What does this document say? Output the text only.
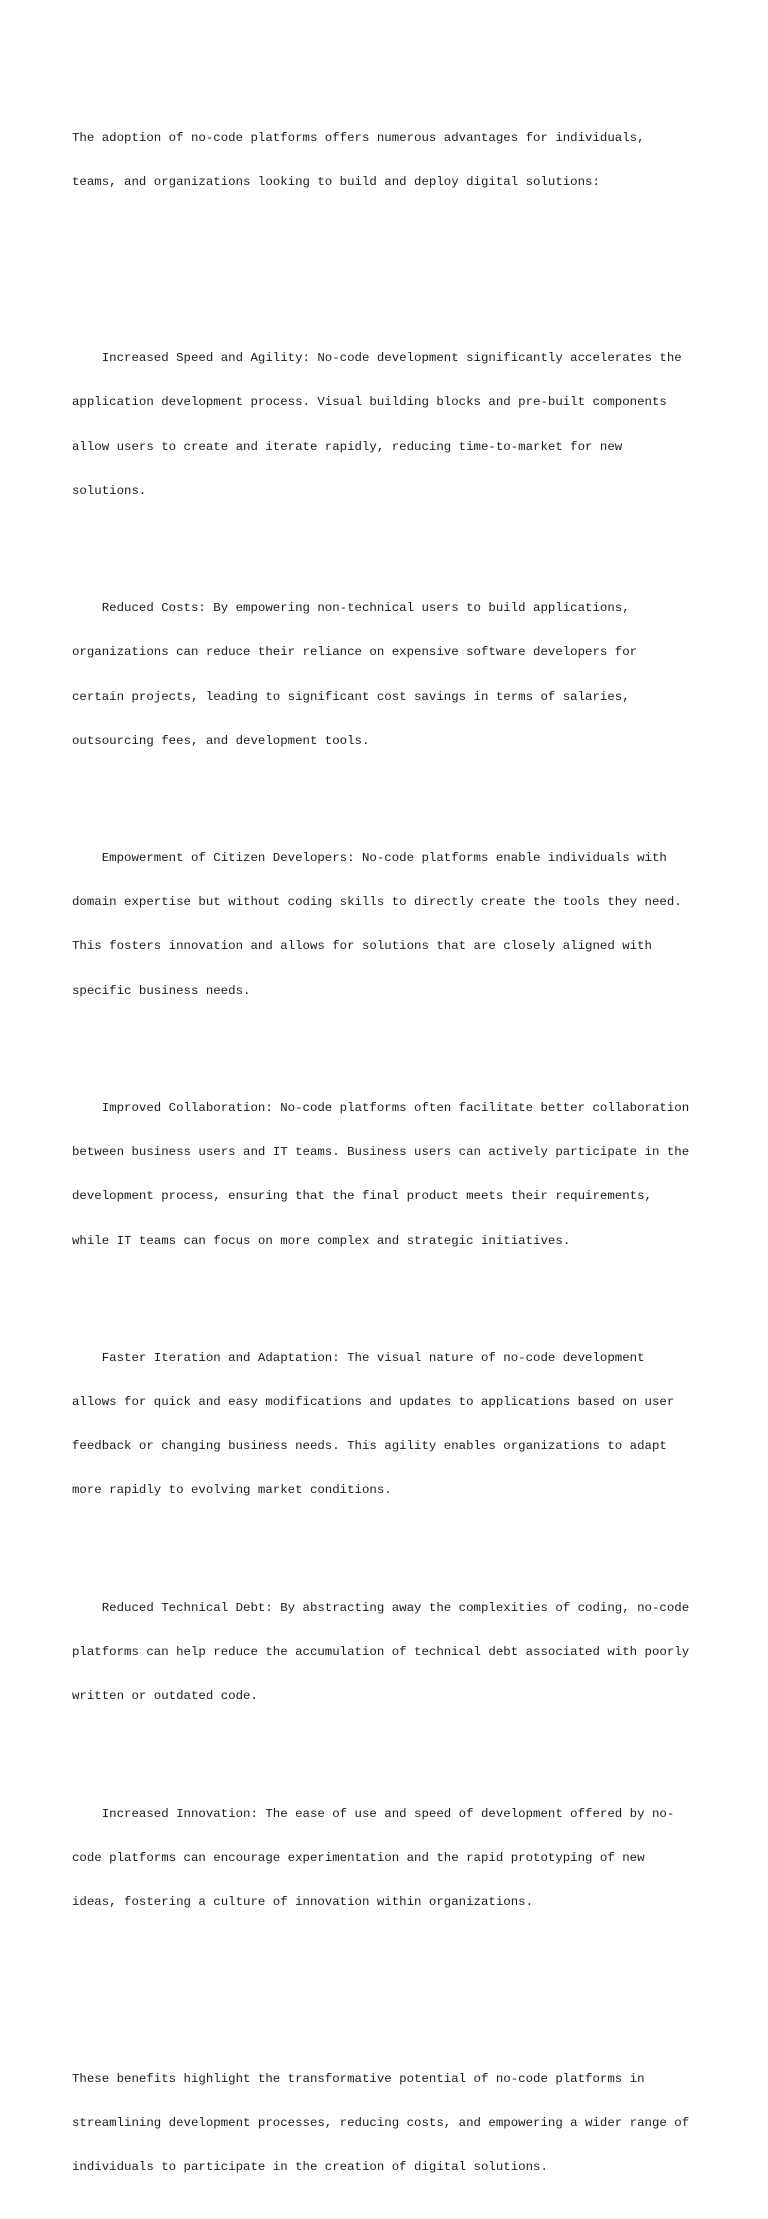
The adoption of no-code platforms offers numerous advantages for individuals,

teams, and organizations looking to build and deploy digital solutions:

Increased Speed and Agility: No-code development significantly accelerates the

application development process. Visual building blocks and pre-built components

allow users to create and iterate rapidly, reducing time-to-market for new

solutions.

Reduced Costs: By empowering non-technical users to build applications,

organizations can reduce their reliance on expensive software developers for

certain projects, leading to significant cost savings in terms of salaries,

outsourcing fees, and development tools.

Empowerment of Citizen Developers: No-code platforms enable individuals with

domain expertise but without coding skills to directly create the tools they need.

This fosters innovation and allows for solutions that are closely aligned with

specific business needs.

Improved Collaboration: No-code platforms often facilitate better collaboration

between business users and IT teams. Business users can actively participate in the

development process, ensuring that the final product meets their requirements,

while IT teams can focus on more complex and strategic initiatives.

Faster Iteration and Adaptation: The visual nature of no-code development

allows for quick and easy modifications and updates to applications based on user

feedback or changing business needs. This agility enables organizations to adapt

more rapidly to evolving market conditions.

Reduced Technical Debt: By abstracting away the complexities of coding, no-code

platforms can help reduce the accumulation of technical debt associated with poorly

written or outdated code.

Increased Innovation: The ease of use and speed of development offered by no-

code platforms can encourage experimentation and the rapid prototyping of new

ideas, fostering a culture of innovation within organizations.

These benefits highlight the transformative potential of no-code platforms in

streamlining development processes, reducing costs, and empowering a wider range of

individuals to participate in the creation of digital solutions.
